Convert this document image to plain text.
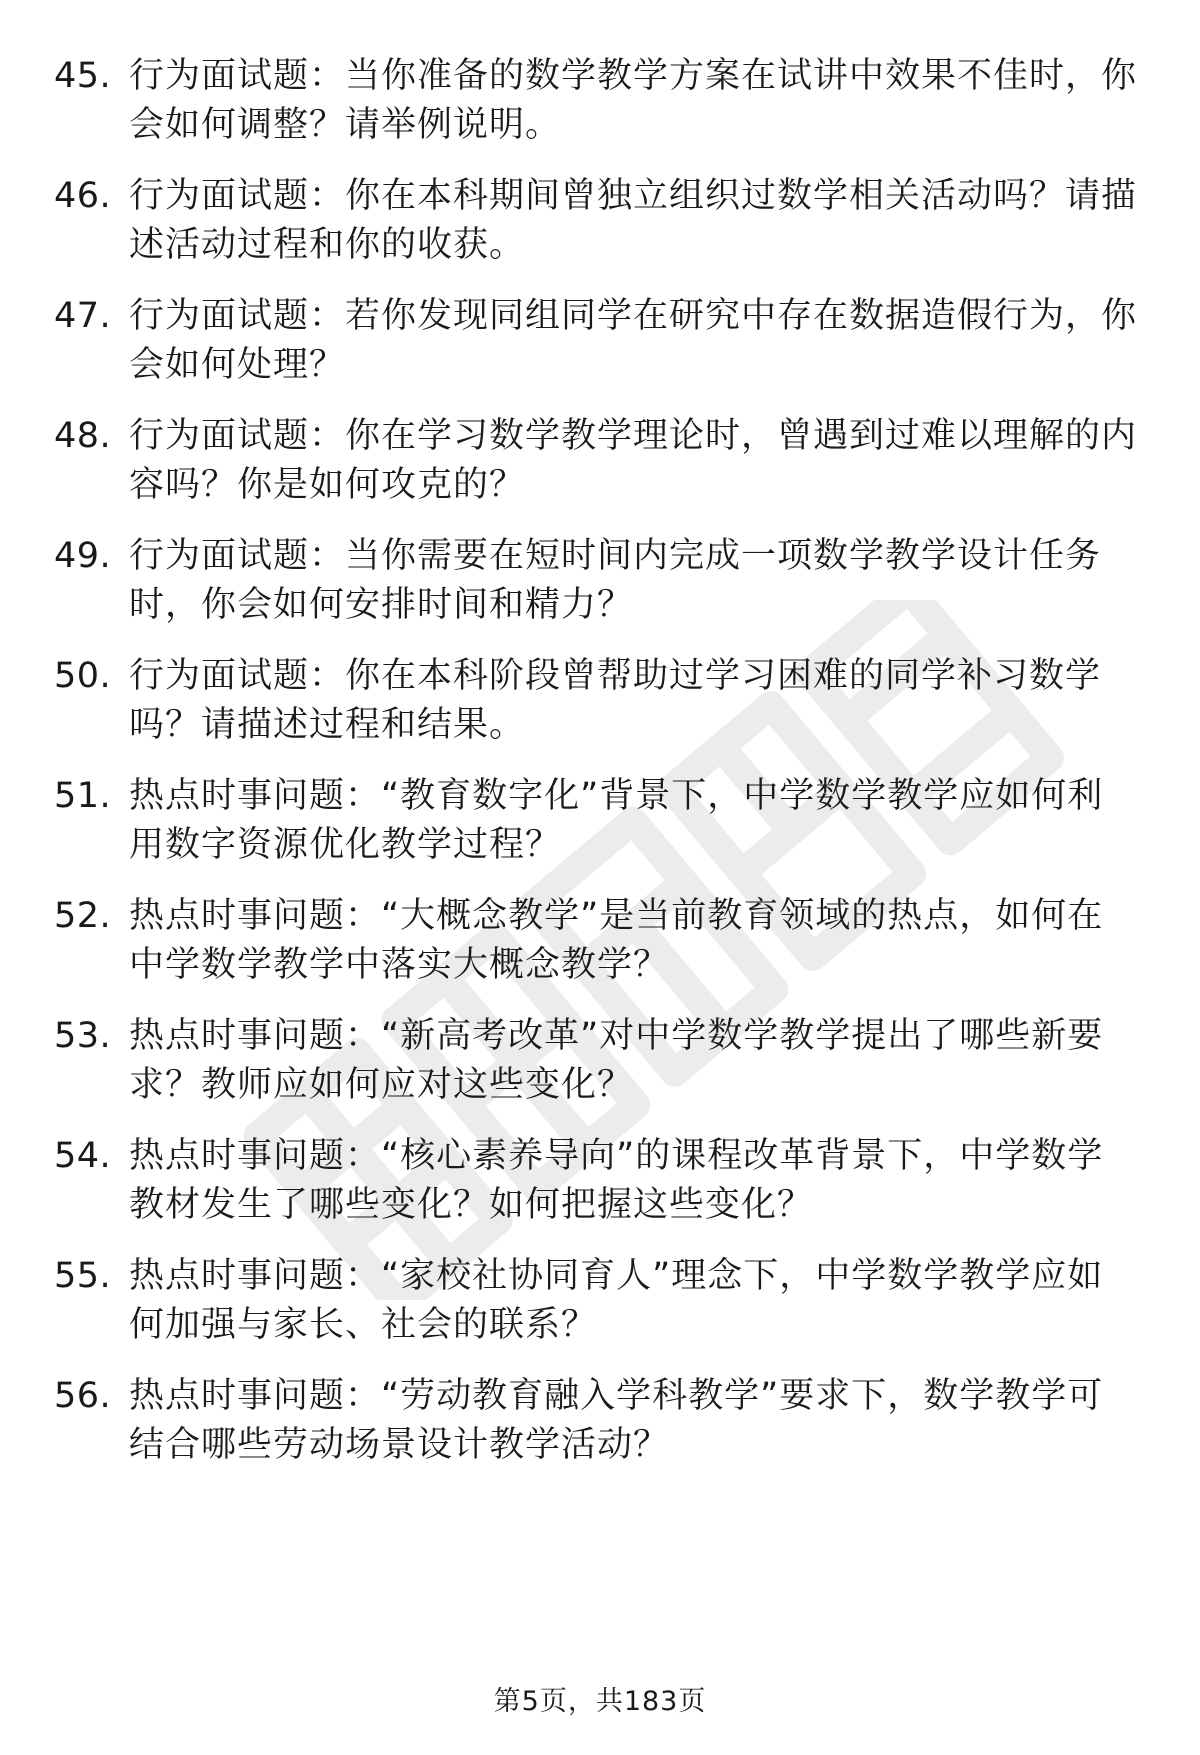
45. 行为面试题：当你准备的数学教学方案在试讲中效果不佳时，你
会如何调整？请举例说明。
46. 行为面试题：你在本科期间曾独立组织过数学相关活动吗？请描
述活动过程和你的收获。
47. 行为面试题：若你发现同组同学在研究中存在数据造假行为，你
会如何处理？
48. 行为面试题：你在学习数学教学理论时，曾遇到过难以理解的内
容吗？你是如何攻克的？
49. 行为面试题：当你需要在短时间内完成一项数学教学设计任务
时，你会如何安排时间和精力？
50. 行为面试题：你在本科阶段曾帮助过学习困难的同学补习数学
吗？请描述过程和结果。
51. 热点时事问题：“教育数字化”背景下，中学数学教学应如何利
用数字资源优化教学过程？
52. 热点时事问题：“大概念教学”是当前教育领域的热点，如何在
中学数学教学中落实大概念教学？
53. 热点时事问题：“新高考改革”对中学数学教学提出了哪些新要
求？教师应如何应对这些变化？
54. 热点时事问题：“核心素养导向”的课程改革背景下，中学数学
教材发生了哪些变化？如何把握这些变化？
55. 热点时事问题：“家校社协同育人”理念下，中学数学教学应如
何加强与家长、社会的联系？
56. 热点时事问题：“劳动教育融入学科教学”要求下，数学教学可
结合哪些劳动场景设计教学活动？
第5页，共183页
